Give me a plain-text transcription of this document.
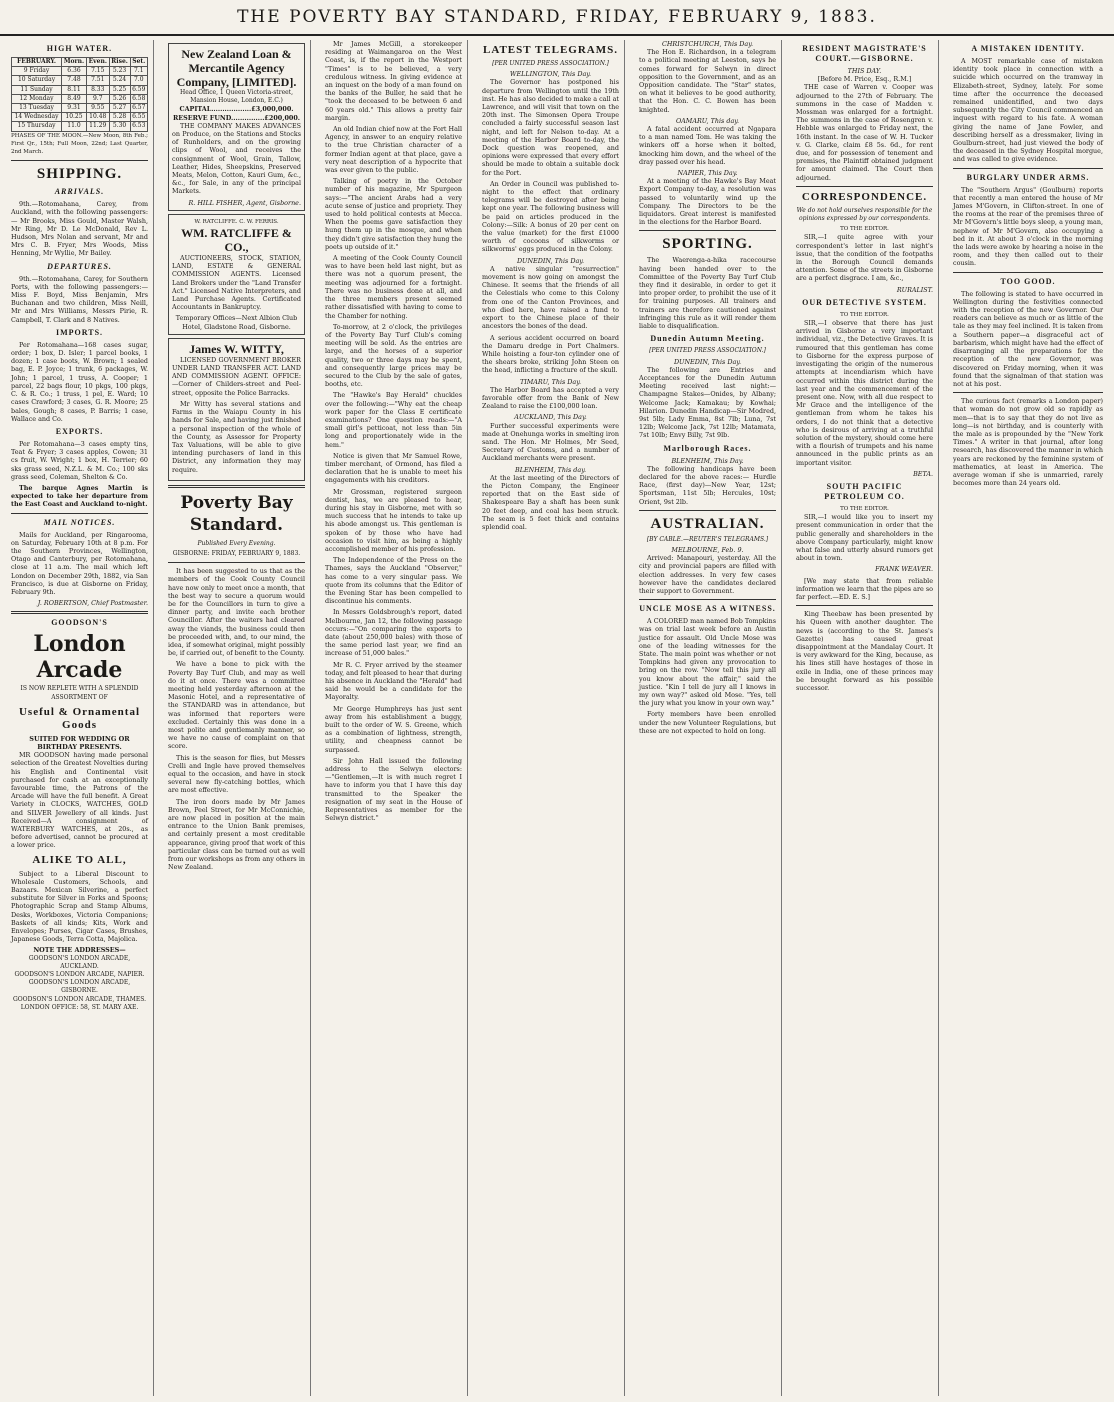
THE POVERTY BAY STANDARD, FRIDAY, FEBRUARY 9, 1883.
HIGH WATER.
FEBRUARY.	Morn.	Even.	Rise.	Set.
9 Friday	6.36	7.15	5.23	7.1
10 Saturday	7.48	7.51	5.24	7.0
11 Sunday	8.11	8.33	5.25	6.59
12 Monday	8.49	9.7	5.26	6.58
13 Tuesday	9.31	9.55	5.27	6.57
14 Wednesday	10.25	10.48	5.28	6.55
15 Thursday	11.0	11.29	5.30	6.53

PHASES OF THE MOON.—New Moon, 8th Feb.; First Qr., 15th; Full Moon, 22nd; Last Quarter, 2nd March.

SHIPPING.
ARRIVALS.

9th.—Rotomahana, Carey, from Auckland, with the following passengers:— Mr Brooks, Miss Gould, Master Walsh, Mr Ring, Mr D. Le McDonald, Rev L. Hudson, Mrs Nolan and servant, Mr and Mrs C. B. Fryer, Mrs Woods, Miss Henning, Mr Wyllie, Mr Bailey.

DEPARTURES.

9th.—Rotomahana, Carey, for Southern Ports, with the following passengers:— Miss F. Boyd, Miss Benjamin, Mrs Buchanan and two children, Miss Neill, Mr and Mrs Williams, Messrs Pirie, R. Campbell, T. Clark and 8 Natives.

IMPORTS.

Per Rotomahana—168 cases sugar, order; 1 box, D. Isler; 1 parcel books, 1 dozen; 1 case boots, W. Brown; 1 sealed bag, E. P. Joyce; 1 trunk, 6 packages, W. John; 1 parcel, 1 truss, A. Cooper; 1 parcel, 22 bags flour, 10 pkgs, 100 pkgs, C. & R. Co.; 1 truss, 1 pel, E. Ward; 10 cases Crawford; 3 cases, G. R. Moore; 25 bales, Gough; 8 cases, P. Barris; 1 case, Wallace and Co.

EXPORTS.

Per Rotomahana—3 cases empty tins, Teat & Fryer; 3 cases apples, Cowen; 31 cs fruit, W. Wright; 1 box, H. Terrier; 60 sks grass seed, N.Z.L. & M. Co.; 100 sks grass seed, Coleman, Shelton & Co.

The barque Agnes Martin is expected to take her departure from the East Coast and Auckland to-night.

MAIL NOTICES.

Mails for Auckland, per Ringarooma, on Saturday, February 10th at 8 p.m. For the Southern Provinces, Wellington, Otago and Canterbury, per Rotomahana, close at 11 a.m. The mail which left London on December 29th, 1882, via San Francisco, is due at Gisborne on Friday, February 9th.

J. ROBERTSON, Chief Postmaster.

GOODSON'S
London Arcade
IS NOW REPLETE WITH A SPLENDID ASSORTMENT OF
Useful & Ornamental Goods
SUITED FOR WEDDING OR BIRTHDAY PRESENTS.

MR GOODSON having made personal selection of the Greatest Novelties during his English and Continental visit purchased for cash at an exceptionally favourable time, the Patrons of the Arcade will have the full benefit. A Great Variety in CLOCKS, WATCHES, GOLD and SILVER Jewellery of all kinds. Just Received—A consignment of WATERBURY WATCHES, at 20s., as before advertised, cannot be procured at a lower price.

ALIKE TO ALL,

Subject to a Liberal Discount to Wholesale Customers, Schools, and Bazaars. Mexican Silverine, a perfect substitute for Silver in Forks and Spoons; Photographic Scrap and Stamp Albums, Desks, Workboxes, Victoria Companions; Baskets of all kinds; Kits, Work and Envelopes; Purses, Cigar Cases, Brushes, Japanese Goods, Terra Cotta, Majolica.

NOTE THE ADDRESSES—
GOODSON'S LONDON ARCADE, AUCKLAND.
GOODSON'S LONDON ARCADE, NAPIER.
GOODSON'S LONDON ARCADE, GISBORNE.
GOODSON'S LONDON ARCADE, THAMES.
LONDON OFFICE: 58, ST. MARY AXE.
New Zealand Loan & Mercantile Agency Company, [LIMITED].
Head Office, 1 Queen Victoria-street, Mansion House, London, E.C.)
CAPITAL..................£3,000,000.
RESERVE FUND...............£200,000.

THE COMPANY MAKES ADVANCES on Produce, on the Stations and Stocks of Runholders, and on the growing clips of Wool, and receives the consignment of Wool, Grain, Tallow, Leather, Hides, Sheepskins, Preserved Meats, Melon, Cotton, Kauri Gum, &c., &c., for Sale, in any of the principal Markets.

R. HILL FISHER, Agent, Gisborne.
W. RATCLIFFE. C. W. FERRIS.
WM. RATCLIFFE & CO.,

AUCTIONEERS, STOCK, STATION, LAND, ESTATE & GENERAL COMMISSION AGENTS. Licensed Land Brokers under the "Land Transfer Act." Licensed Native Interpreters, and Land Purchase Agents. Certificated Accountants in Bankruptcy.

Temporary Offices—Next Albion Club Hotel, Gladstone Road, Gisborne.
James W. WITTY,

LICENSED GOVERNMENT BROKER UNDER LAND TRANSFER ACT. LAND AND COMMISSION AGENT. OFFICE:—Corner of Childers-street and Peel-street, opposite the Police Barracks.

Mr Witty has several stations and Farms in the Waiapu County in his hands for Sale, and having just finished a personal inspection of the whole of the County, as Assessor for Property Tax Valuations, will be able to give intending purchasers of land in this District, any information they may require.

Poverty Bay Standard.
Published Every Evening.
GISBORNE: FRIDAY, FEBRUARY 9, 1883.

It has been suggested to us that as the members of the Cook County Council have now only to meet once a month, that the best way to secure a quorum would be for the Councillors in turn to give a dinner party, and invite each brother Councillor. After the waiters had cleared away the viands, the business could then be proceeded with, and, to our mind, the idea, if somewhat original, might possibly be, if carried out, of benefit to the County.

We have a bone to pick with the Poverty Bay Turf Club, and may as well do it at once. There was a committee meeting held yesterday afternoon at the Masonic Hotel, and a representative of the STANDARD was in attendance, but was informed that reporters were excluded. Certainly this was done in a most polite and gentlemanly manner, so we have no cause of complaint on that score.

This is the season for flies, but Messrs Crelli and Ingle have proved themselves equal to the occasion, and have in stock several new fly-catching bottles, which are most effective.

The iron doors made by Mr James Brown, Peel Street, for Mr McConnichie, are now placed in position at the main entrance to the Union Bank premises, and certainly present a most creditable appearance, giving proof that work of this particular class can be turned out as well from our workshops as from any others in New Zealand.

Mr James McGill, a storekeeper residing at Waimangaroa on the West Coast, is, if the report in the Westport "Times" is to be believed, a very credulous witness. In giving evidence at an inquest on the body of a man found on the banks of the Buller, he said that he "took the deceased to be between 6 and 60 years old." This allows a pretty fair margin.

An old Indian chief now at the Fort Hall Agency, in answer to an enquiry relative to the true Christian character of a former Indian agent at that place, gave a very neat description of a hypocrite that was ever given to the public.

Talking of poetry in the October number of his magazine, Mr Spurgeon says:—"The ancient Arabs had a very acute sense of justice and propriety. They used to hold political contests at Mecca. When the poems gave satisfaction they hung them up in the mosque, and when they didn't give satisfaction they hung the poets up outside of it."

A meeting of the Cook County Council was to have been held last night, but as there was not a quorum present, the meeting was adjourned for a fortnight. There was no business done at all, and the three members present seemed rather dissatisfied with having to come to the Chamber for nothing.

To-morrow, at 2 o'clock, the privileges of the Poverty Bay Turf Club's coming meeting will be sold. As the entries are large, and the horses of a superior quality, two or three days may be spent, and consequently large prices may be secured to the Club by the sale of gates, booths, etc.

The "Hawke's Bay Herald" chuckles over the following:—"Why eat the cheap work paper for the Class E certificate examinations? One question reads:—"A small girl's petticoat, not less than 5in long and proportionately wide in the hem."

Notice is given that Mr Samuel Rowe, timber merchant, of Ormond, has filed a declaration that he is unable to meet his engagements with his creditors.

Mr Grossman, registered surgeon dentist, has, we are pleased to hear, during his stay in Gisborne, met with so much success that he intends to take up his abode amongst us. This gentleman is spoken of by those who have had occasion to visit him, as being a highly accomplished member of his profession.

The Independence of the Press on the Thames, says the Auckland "Observer," has come to a very singular pass. We quote from its columns that the Editor of the Evening Star has been compelled to discontinue his comments.

In Messrs Goldsbrough's report, dated Melbourne, Jan 12, the following passage occurs:—"On comparing the exports to date (about 250,000 bales) with those of the same period last year, we find an increase of 51,000 bales."

Mr R. C. Fryer arrived by the steamer today, and felt pleased to hear that during his absence in Auckland the "Herald" had said he would be a candidate for the Mayoralty.

Mr George Humphreys has just sent away from his establishment a buggy, built to the order of W. S. Greene, which as a combination of lightness, strength, utility, and cheapness cannot be surpassed.

Sir John Hall issued the following address to the Selwyn electors:—"Gentlemen,—It is with much regret I have to inform you that I have this day transmitted to the Speaker the resignation of my seat in the House of Representatives as member for the Selwyn district."

LATEST TELEGRAMS.
[PER UNITED PRESS ASSOCIATION.]
WELLINGTON, This Day.

The Governor has postponed his departure from Wellington until the 19th inst. He has also decided to make a call at Lawrence, and will visit that town on the 20th inst. The Simonsen Opera Troupe concluded a fairly successful season last night, and left for Nelson to-day. At a meeting of the Harbor Board to-day, the Dock question was reopened, and opinions were expressed that every effort should be made to obtain a suitable dock for the Port.

An Order in Council was published to-night to the effect that ordinary telegrams will be destroyed after being kept one year. The following business will be paid on articles produced in the Colony:—Silk: A bonus of 20 per cent on the value (market) for the first £1000 worth of cocoons of silkworms or silkworms' eggs produced in the Colony.

DUNEDIN, This Day.

A native singular "resurrection" movement is now going on amongst the Chinese. It seems that the friends of all the Celestials who come to this Colony from one of the Canton Provinces, and who died here, have raised a fund to export to the Chinese place of their ancestors the bones of the dead.

A serious accident occurred on board the Damaru dredge in Port Chalmers. While hoisting a four-ton cylinder one of the shears broke, striking John Steen on the head, inflicting a fracture of the skull.

TIMARU, This Day.

The Harbor Board has accepted a very favorable offer from the Bank of New Zealand to raise the £100,000 loan.

AUCKLAND, This Day.

Further successful experiments were made at Onehunga works in smelting iron sand. The Hon. Mr Holmes, Mr Seed, Secretary of Customs, and a number of Auckland merchants were present.

BLENHEIM, This day.

At the last meeting of the Directors of the Picton Company, the Engineer reported that on the East side of Shakespeare Bay a shaft has been sunk 20 feet deep, and coal has been struck. The seam is 5 feet thick and contains splendid coal.

CHRISTCHURCH, This Day.

The Hon E. Richardson, in a telegram to a political meeting at Leeston, says he comes forward for Selwyn in direct opposition to the Government, and as an Opposition candidate. The "Star" states, on what it believes to be good authority, that the Hon. C. C. Bowen has been knighted.

OAMARU, This day.

A fatal accident occurred at Ngapara to a man named Tom. He was taking the winkers off a horse when it bolted, knocking him down, and the wheel of the dray passed over his head.

NAPIER, This Day.

At a meeting of the Hawke's Bay Meat Export Company to-day, a resolution was passed to voluntarily wind up the Company. The Directors to be the liquidators. Great interest is manifested in the elections for the Harbor Board.

SPORTING.

The Waerenga-a-hika racecourse having been handed over to the Committee of the Poverty Bay Turf Club they find it desirable, in order to get it into proper order, to prohibit the use of it for training purposes. All trainers and trainers are therefore cautioned against infringing this rule as it will render them liable to disqualification.

Dunedin Autumn Meeting.
[PER UNITED PRESS ASSOCIATION.]
DUNEDIN, This Day.

The following are Entries and Acceptances for the Dunedin Autumn Meeting received last night:— Champagne Stakes—Onides, by Albany; Welcome Jack; Kamakau; by Kowhai; Hilarion. Dunedin Handicap—Sir Modred, 9st 5lb; Lady Emma, 8st 7lb; Luna, 7st 12lb; Welcome Jack, 7st 12lb; Matamata, 7st 10lb; Envy Billy, 7st 9lb.

Marlborough Races.
BLENHEIM, This Day.

The following handicaps have been declared for the above races:— Hurdle Race, (first day)—New Year, 12st; Sportsman, 11st 5lb; Hercules, 10st; Orient, 9st 2lb.

AUSTRALIAN.
[BY CABLE.—REUTER'S TELEGRAMS.]
MELBOURNE, Feb. 9.

Arrived: Manapouri, yesterday. All the city and provincial papers are filled with election addresses. In very few cases however have the candidates declared their support to Government.

UNCLE MOSE AS A WITNESS.

A COLORED man named Bob Tompkins was on trial last week before an Austin justice for assault. Old Uncle Mose was one of the leading witnesses for the State. The main point was whether or not Tompkins had given any provocation to bring on the row. "Now tell this jury all you know about the affair," said the justice. "Kin I tell de jury all I knows in my own way?" asked old Mose. "Yes, tell the jury what you know in your own way."

Forty members have been enrolled under the new Volunteer Regulations, but these are not expected to hold on long.

RESIDENT MAGISTRATE'S COURT.—GISBORNE.
THIS DAY.
[Before M. Price, Esq., R.M.]

THE case of Warren v. Cooper was adjourned to the 27th of February. The summons in the case of Madden v. Mossman was enlarged for a fortnight. The summons in the case of Rosengren v. Hebble was enlarged to Friday next, the 16th instant. In the case of W. H. Tucker v. G. Clarke, claim £8 5s. 6d., for rent due, and for possession of tenement and premises, the Plaintiff obtained judgment for amount claimed. The Court then adjourned.

CORRESPONDENCE.
We do not hold ourselves responsible for the opinions expressed by our correspondents.
TO THE EDITOR.

SIR,—I quite agree with your correspondent's letter in last night's issue, that the condition of the footpaths in the Borough Council demands attention. Some of the streets in Gisborne are a perfect disgrace. I am, &c.,

RURALIST.

OUR DETECTIVE SYSTEM.
TO THE EDITOR.

SIR,—I observe that there has just arrived in Gisborne a very important individual, viz., the Detective Graves. It is rumoured that this gentleman has come to Gisborne for the express purpose of investigating the origin of the numerous attempts at incendiarism which have occurred within this district during the last year and the commencement of the present one. Now, with all due respect to Mr Grace and the intelligence of the gentleman from whom he takes his orders, I do not think that a detective who is desirous of arriving at a truthful solution of the mystery, should come here with a flourish of trumpets and his name announced in the public prints as an important visitor.

BETA.

SOUTH PACIFIC PETROLEUM CO.
TO THE EDITOR.

SIR,—I would like you to insert my present communication in order that the public generally and shareholders in the above Company particularly, might know what false and utterly absurd rumors get about in town.

FRANK WEAVER.

[We may state that from reliable information we learn that the pipes are so far perfect.—ED. E. S.]

King Theebaw has been presented by his Queen with another daughter. The news is (according to the St. James's Gazette) has caused great disappointment at the Mandalay Court. It is very awkward for the King, because, as his lines still have hostages of those in exile in India, one of these princes may be brought forward as his possible successor.

A MISTAKEN IDENTITY.

A MOST remarkable case of mistaken identity took place in connection with a suicide which occurred on the tramway in Elizabeth-street, Sydney, lately. For some time after the occurrence the deceased remained unidentified, and two days subsequently the City Council commenced an inquest with regard to his fate. A woman giving the name of Jane Fowler, and describing herself as a dressmaker, living in Goulburn-street, had just viewed the body of the deceased in the Sydney Hospital morgue, and was called to give evidence.

BURGLARY UNDER ARMS.

The "Southern Argus" (Goulburn) reports that recently a man entered the house of Mr James M'Govern, in Clifton-street. In one of the rooms at the rear of the premises three of Mr M'Govern's little boys sleep, a young man, nephew of Mr M'Govern, also occupying a bed in it. At about 3 o'clock in the morning the lads were awoke by hearing a noise in the room, and they then called out to their cousin.

TOO GOOD.

The following is stated to have occurred in Wellington during the festivities connected with the reception of the new Governor. Our readers can believe as much or as little of the tale as they may feel inclined. It is taken from a Southern paper—a disgraceful act of barbarism, which might have had the effect of disarranging all the preparations for the reception of the new Governor, was discovered on Friday morning, when it was found that the signalman of that station was not at his post.

The curious fact (remarks a London paper) that woman do not grow old so rapidly as men—that is to say that they do not live as long—is not birthday, and is counterly with the male as is propounded by the "New York Times." A writer in that journal, after long research, has discovered the manner in which years are reckoned by the feminine system of mathematics, at least in America. The average woman if she is unmarried, rarely becomes more than 24 years old.
